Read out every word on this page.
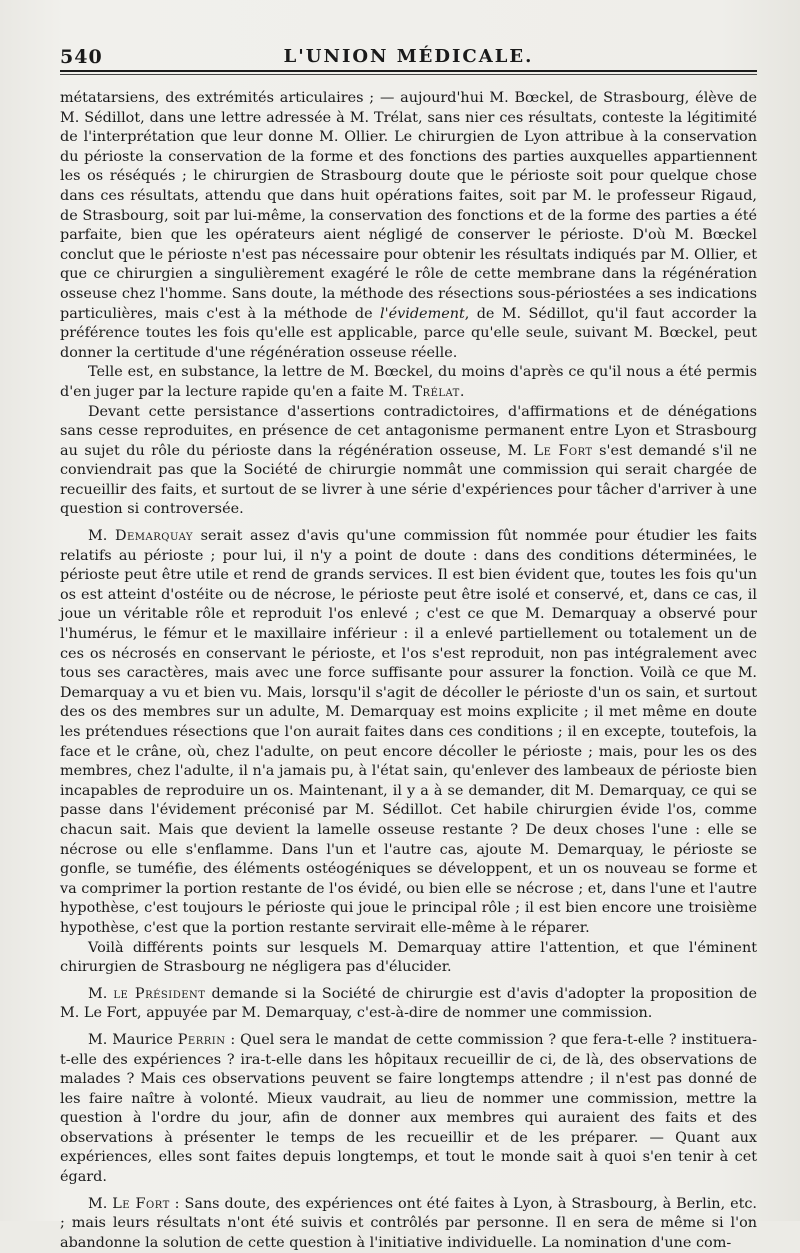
540	L'UNION MÉDICALE.

métatarsiens, des extrémités articulaires ; — aujourd'hui M. Bœckel, de Strasbourg, élève de M. Sédillot, dans une lettre adressée à M. Trélat, sans nier ces résultats, conteste la légitimité de l'interprétation que leur donne M. Ollier. Le chirurgien de Lyon attribue à la conservation du périoste la conservation de la forme et des fonctions des parties auxquelles appartiennent les os réséqués ; le chirurgien de Strasbourg doute que le périoste soit pour quelque chose dans ces résultats, attendu que dans huit opérations faites, soit par M. le professeur Rigaud, de Strasbourg, soit par lui-même, la conservation des fonctions et de la forme des parties a été parfaite, bien que les opérateurs aient négligé de conserver le périoste. D'où M. Bœckel conclut que le périoste n'est pas nécessaire pour obtenir les résultats indiqués par M. Ollier, et que ce chirurgien a singulièrement exagéré le rôle de cette membrane dans la régénération osseuse chez l'homme. Sans doute, la méthode des résections sous-périostées a ses indications particulières, mais c'est à la méthode de l'évidement, de M. Sédillot, qu'il faut accorder la préférence toutes les fois qu'elle est applicable, parce qu'elle seule, suivant M. Bœckel, peut donner la certitude d'une régénération osseuse réelle.

Telle est, en substance, la lettre de M. Bœckel, du moins d'après ce qu'il nous a été permis d'en juger par la lecture rapide qu'en a faite M. Trélat.

Devant cette persistance d'assertions contradictoires, d'affirmations et de dénégations sans cesse reproduites, en présence de cet antagonisme permanent entre Lyon et Strasbourg au sujet du rôle du périoste dans la régénération osseuse, M. Le Fort s'est demandé s'il ne conviendrait pas que la Société de chirurgie nommât une commission qui serait chargée de recueillir des faits, et surtout de se livrer à une série d'expériences pour tâcher d'arriver à une question si controversée.

M. Demarquay serait assez d'avis qu'une commission fût nommée pour étudier les faits relatifs au périoste ; pour lui, il n'y a point de doute : dans des conditions déterminées, le périoste peut être utile et rend de grands services. Il est bien évident que, toutes les fois qu'un os est atteint d'ostéite ou de nécrose, le périoste peut être isolé et conservé, et, dans ce cas, il joue un véritable rôle et reproduit l'os enlevé ; c'est ce que M. Demarquay a observé pour l'humérus, le fémur et le maxillaire inférieur : il a enlevé partiellement ou totalement un de ces os nécrosés en conservant le périoste, et l'os s'est reproduit, non pas intégralement avec tous ses caractères, mais avec une force suffisante pour assurer la fonction. Voilà ce que M. Demarquay a vu et bien vu. Mais, lorsqu'il s'agit de décoller le périoste d'un os sain, et surtout des os des membres sur un adulte, M. Demarquay est moins explicite ; il met même en doute les prétendues résections que l'on aurait faites dans ces conditions ; il en excepte, toutefois, la face et le crâne, où, chez l'adulte, on peut encore décoller le périoste ; mais, pour les os des membres, chez l'adulte, il n'a jamais pu, à l'état sain, qu'enlever des lambeaux de périoste bien incapables de reproduire un os. Maintenant, il y a à se demander, dit M. Demarquay, ce qui se passe dans l'évidement préconisé par M. Sédillot. Cet habile chirurgien évide l'os, comme chacun sait. Mais que devient la lamelle osseuse restante ? De deux choses l'une : elle se nécrose ou elle s'enflamme. Dans l'un et l'autre cas, ajoute M. Demarquay, le périoste se gonfle, se tuméfie, des éléments ostéogéniques se développent, et un os nouveau se forme et va comprimer la portion restante de l'os évidé, ou bien elle se nécrose ; et, dans l'une et l'autre hypothèse, c'est toujours le périoste qui joue le principal rôle ; il est bien encore une troisième hypothèse, c'est que la portion restante servirait elle-même à le réparer.

Voilà différents points sur lesquels M. Demarquay attire l'attention, et que l'éminent chirurgien de Strasbourg ne négligera pas d'élucider.

M. le Président demande si la Société de chirurgie est d'avis d'adopter la proposition de M. Le Fort, appuyée par M. Demarquay, c'est-à-dire de nommer une commission.

M. Maurice Perrin : Quel sera le mandat de cette commission ? que fera-t-elle ? instituera-t-elle des expériences ? ira-t-elle dans les hôpitaux recueillir de ci, de là, des observations de malades ? Mais ces observations peuvent se faire longtemps attendre ; il n'est pas donné de les faire naître à volonté. Mieux vaudrait, au lieu de nommer une commission, mettre la question à l'ordre du jour, afin de donner aux membres qui auraient des faits et des observations à présenter le temps de les recueillir et de les préparer. — Quant aux expériences, elles sont faites depuis longtemps, et tout le monde sait à quoi s'en tenir à cet égard.

M. Le Fort : Sans doute, des expériences ont été faites à Lyon, à Strasbourg, à Berlin, etc. ; mais leurs résultats n'ont été suivis et contrôlés par personne. Il en sera de même si l'on abandonne la solution de cette question à l'initiative individuelle. La nomination d'une com-
